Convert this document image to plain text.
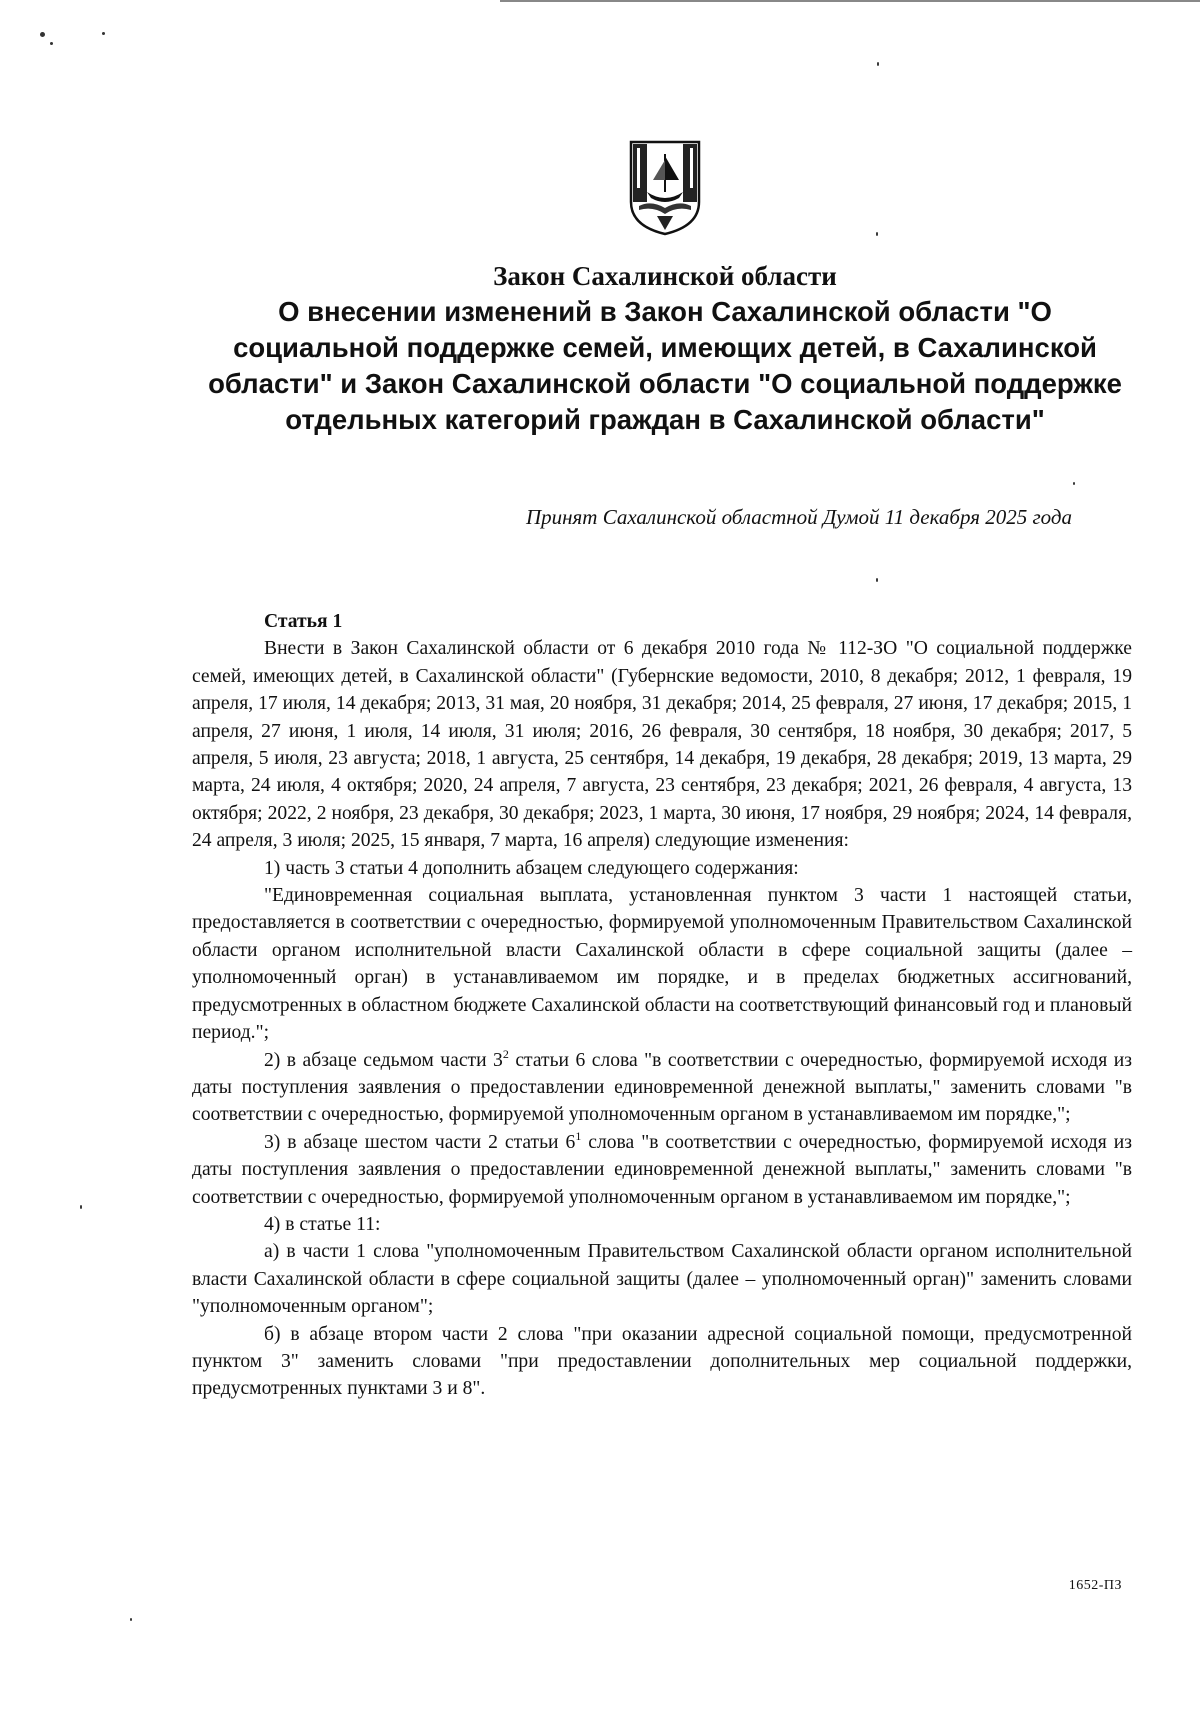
Закон Сахалинской области

О внесении изменений в Закон Сахалинской области "О социальной поддержке семей, имеющих детей, в Сахалинской области" и Закон Сахалинской области "О социальной поддержке отдельных категорий граждан в Сахалинской области"

Принят Сахалинской областной Думой 11 декабря 2025 года

Статья 1

Внести в Закон Сахалинской области от 6 декабря 2010 года № 112-ЗО "О социальной поддержке семей, имеющих детей, в Сахалинской области" (Губернские ведомости, 2010, 8 декабря; 2012, 1 февраля, 19 апреля, 17 июля, 14 декабря; 2013, 31 мая, 20 ноября, 31 декабря; 2014, 25 февраля, 27 июня, 17 декабря; 2015, 1 апреля, 27 июня, 1 июля, 14 июля, 31 июля; 2016, 26 февраля, 30 сентября, 18 ноября, 30 декабря; 2017, 5 апреля, 5 июля, 23 августа; 2018, 1 августа, 25 сентября, 14 декабря, 19 декабря, 28 декабря; 2019, 13 марта, 29 марта, 24 июля, 4 октября; 2020, 24 апреля, 7 августа, 23 сентября, 23 декабря; 2021, 26 февраля, 4 августа, 13 октября; 2022, 2 ноября, 23 декабря, 30 декабря; 2023, 1 марта, 30 июня, 17 ноября, 29 ноября; 2024, 14 февраля, 24 апреля, 3 июля; 2025, 15 января, 7 марта, 16 апреля) следующие изменения:

1) часть 3 статьи 4 дополнить абзацем следующего содержания:

"Единовременная социальная выплата, установленная пунктом 3 части 1 настоящей статьи, предоставляется в соответствии с очередностью, формируемой уполномоченным Правительством Сахалинской области органом исполнительной власти Сахалинской области в сфере социальной защиты (далее – уполномоченный орган) в устанавливаемом им порядке, и в пределах бюджетных ассигнований, предусмотренных в областном бюджете Сахалинской области на соответствующий финансовый год и плановый период.";

2) в абзаце седьмом части $3^2$ статьи 6 слова "в соответствии с очередностью, формируемой исходя из даты поступления заявления о предоставлении единовременной денежной выплаты," заменить словами "в соответствии с очередностью, формируемой уполномоченным органом в устанавливаемом им порядке,";

3) в абзаце шестом части 2 статьи $6^1$ слова "в соответствии с очередностью, формируемой исходя из даты поступления заявления о предоставлении единовременной денежной выплаты," заменить словами "в соответствии с очередностью, формируемой уполномоченным органом в устанавливаемом им порядке,";

4) в статье 11:

а) в части 1 слова "уполномоченным Правительством Сахалинской области органом исполнительной власти Сахалинской области в сфере социальной защиты (далее – уполномоченный орган)" заменить словами "уполномоченным органом";

б) в абзаце втором части 2 слова "при оказании адресной социальной помощи, предусмотренной пунктом 3" заменить словами "при предоставлении дополнительных мер социальной поддержки, предусмотренных пунктами 3 и 8".

1652-ПЗ
